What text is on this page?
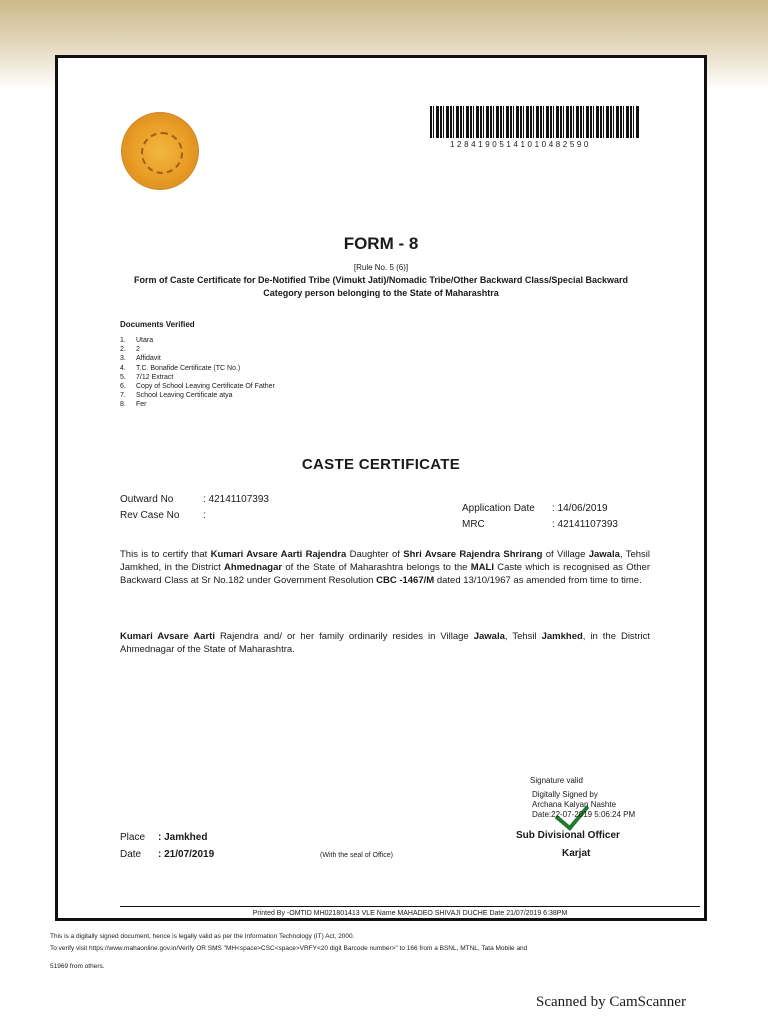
12841905141010482590
FORM - 8
[Rule No. 5 (6)]
Form of Caste Certificate for De-Notified Tribe (Vimukt Jati)/Nomadic Tribe/Other Backward Class/Special Backward Category person belonging to the State of Maharashtra
Documents Verified
1. Utara
2. 2
3. Affidavit
4. T.C. Bonafide Certificate (TC No.)
5. 7/12 Extract
6. Copy of School Leaving Certificate Of Father
7. School Leaving Certificate atya
8. Fer
CASTE CERTIFICATE
Outward No	: 42141107393
Rev Case No :
Application Date : 14/06/2019
MRC	: 42141107393
This is to certify that Kumari Avsare Aarti Rajendra Daughter of Shri Avsare Rajendra Shrirang of Village Jawala, Tehsil Jamkhed, in the District Ahmednagar of the State of Maharashtra belongs to the MALI Caste which is recognised as Other Backward Class at Sr No.182 under Government Resolution CBC -1467/M dated 13/10/1967 as amended from time to time.
Kumari Avsare Aarti Rajendra and/ or her family ordinarily resides in Village Jawala, Tehsil Jamkhed, in the District Ahmednagar of the State of Maharashtra.
Signature valid
Digitally Signed by
Archana Kalyan Nashte
Date:22-07-2019 5:06:24 PM
Sub Divisional Officer
Karjat
Place : Jamkhed
Date : 21/07/2019	(With the seal of Office)
Printed By -OMTID MH021801413 VLE Name MAHADEO SHIVAJI DUCHE Date 21/07/2019 6:38PM
This is a digitally signed document, hence is legally valid as per the Information Technology (IT) Act, 2000.
To verify visit https://www.mahaonline.gov.in/Verify OR SMS "MH<space>CSC<space>VRFY<20 digit Barcode number>" to 166 from a BSNL, MTNL, Tata Mobile and
51969 from others.
Scanned by CamScanner
